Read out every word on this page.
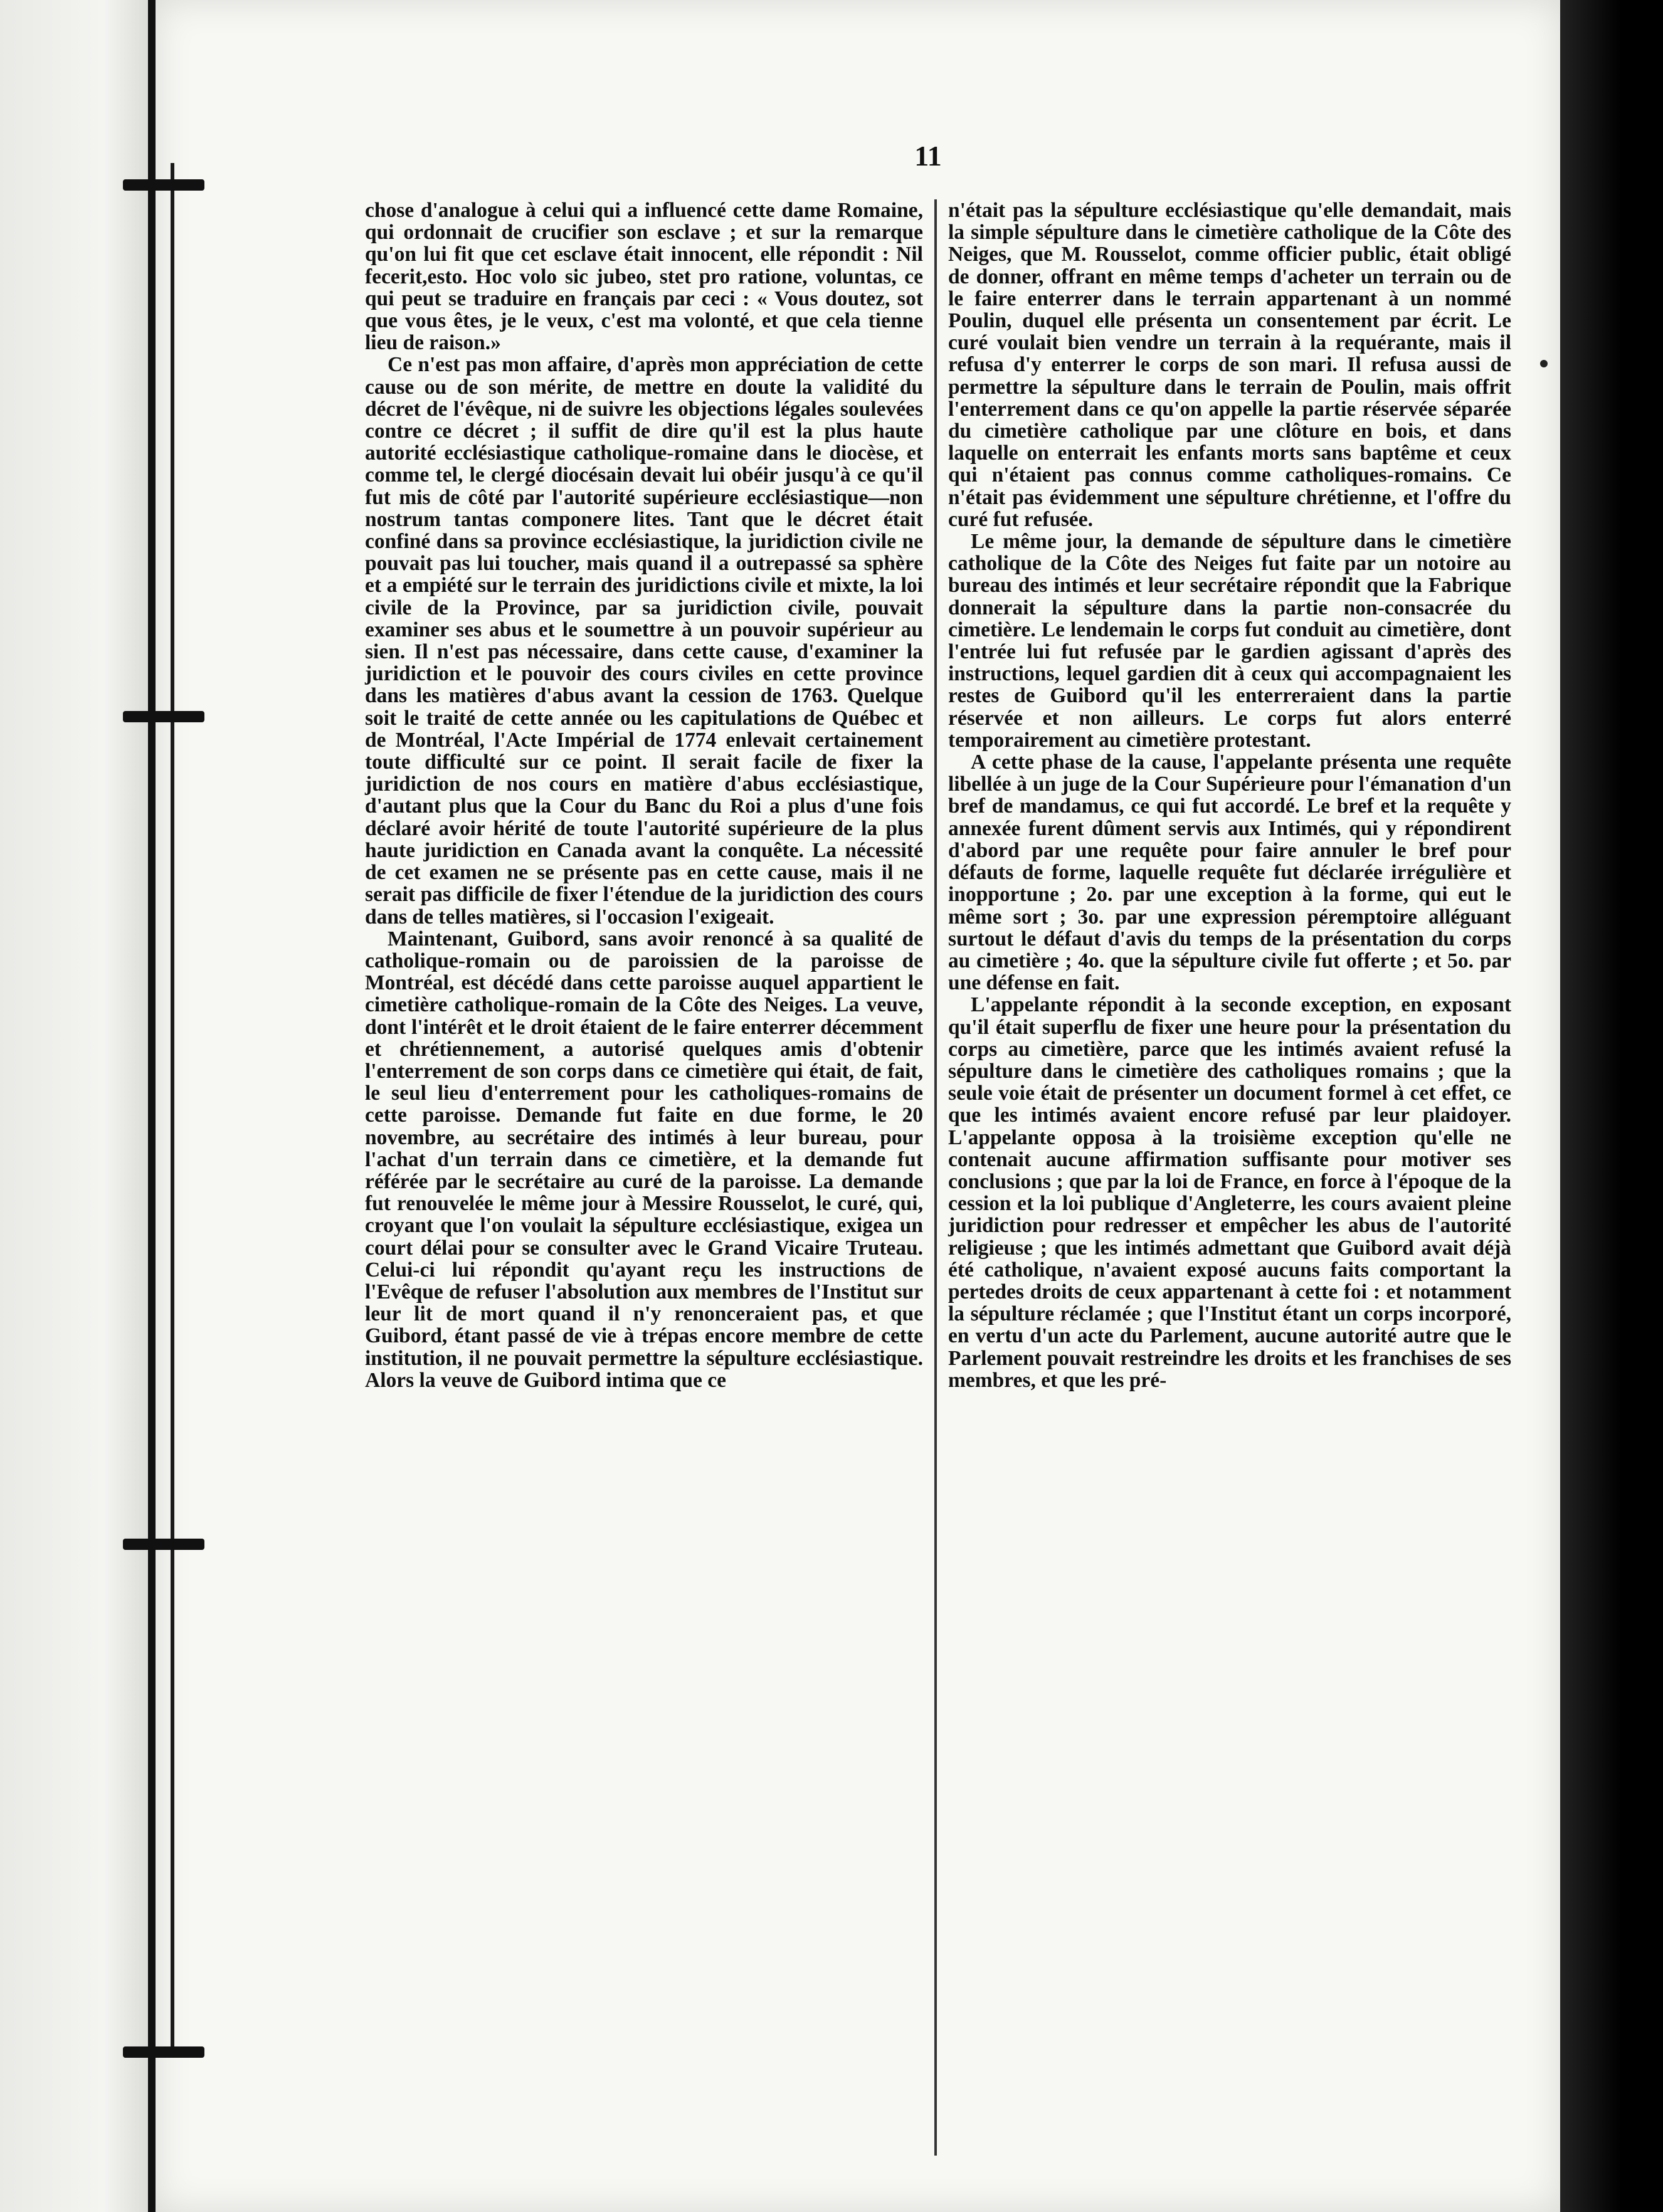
11

chose d'analogue à celui qui a influencé cette dame Romaine, qui ordonnait de crucifier son esclave ; et sur la remarque qu'on lui fit que cet esclave était innocent, elle répondit : Nil fecerit,esto. Hoc volo sic jubeo, stet pro ratione, voluntas, ce qui peut se traduire en français par ceci : « Vous doutez, sot que vous êtes, je le veux, c'est ma volonté, et que cela tienne lieu de raison.»

Ce n'est pas mon affaire, d'après mon appréciation de cette cause ou de son mérite, de mettre en doute la validité du décret de l'évêque, ni de suivre les objections légales soulevées contre ce décret ; il suffit de dire qu'il est la plus haute autorité ecclésiastique catholique-romaine dans le diocèse, et comme tel, le clergé diocésain devait lui obéir jusqu'à ce qu'il fut mis de côté par l'autorité supérieure ecclésiastique—non nostrum tantas componere lites. Tant que le décret était confiné dans sa province ecclésiastique, la juridiction civile ne pouvait pas lui toucher, mais quand il a outrepassé sa sphère et a empiété sur le terrain des juridictions civile et mixte, la loi civile de la Province, par sa juridiction civile, pouvait examiner ses abus et le soumettre à un pouvoir supérieur au sien. Il n'est pas nécessaire, dans cette cause, d'examiner la juridiction et le pouvoir des cours civiles en cette province dans les matières d'abus avant la cession de 1763. Quelque soit le traité de cette année ou les capitulations de Québec et de Montréal, l'Acte Impérial de 1774 enlevait certainement toute difficulté sur ce point. Il serait facile de fixer la juridiction de nos cours en matière d'abus ecclésiastique, d'autant plus que la Cour du Banc du Roi a plus d'une fois déclaré avoir hérité de toute l'autorité supérieure de la plus haute juridiction en Canada avant la conquête. La nécessité de cet examen ne se présente pas en cette cause, mais il ne serait pas difficile de fixer l'étendue de la juridiction des cours dans de telles matières, si l'occasion l'exigeait.

Maintenant, Guibord, sans avoir renoncé à sa qualité de catholique-romain ou de paroissien de la paroisse de Montréal, est décédé dans cette paroisse auquel appartient le cimetière catholique-romain de la Côte des Neiges. La veuve, dont l'intérêt et le droit étaient de le faire enterrer décemment et chrétiennement, a autorisé quelques amis d'obtenir l'enterrement de son corps dans ce cimetière qui était, de fait, le seul lieu d'enterrement pour les catholiques-romains de cette paroisse. Demande fut faite en due forme, le 20 novembre, au secrétaire des intimés à leur bureau, pour l'achat d'un terrain dans ce cimetière, et la demande fut référée par le secrétaire au curé de la paroisse. La demande fut renouvelée le même jour à Messire Rousselot, le curé, qui, croyant que l'on voulait la sépulture ecclésiastique, exigea un court délai pour se consulter avec le Grand Vicaire Truteau. Celui-ci lui répondit qu'ayant reçu les instructions de l'Evêque de refuser l'absolution aux membres de l'Institut sur leur lit de mort quand il n'y renonceraient pas, et que Guibord, étant passé de vie à trépas encore membre de cette institution, il ne pouvait permettre la sépulture ecclésiastique. Alors la veuve de Guibord intima que ce

n'était pas la sépulture ecclésiastique qu'elle demandait, mais la simple sépulture dans le cimetière catholique de la Côte des Neiges, que M. Rousselot, comme officier public, était obligé de donner, offrant en même temps d'acheter un terrain ou de le faire enterrer dans le terrain appartenant à un nommé Poulin, duquel elle présenta un consentement par écrit. Le curé voulait bien vendre un terrain à la requérante, mais il refusa d'y enterrer le corps de son mari. Il refusa aussi de permettre la sépulture dans le terrain de Poulin, mais offrit l'enterrement dans ce qu'on appelle la partie réservée séparée du cimetière catholique par une clôture en bois, et dans laquelle on enterrait les enfants morts sans baptême et ceux qui n'étaient pas connus comme catholiques-romains. Ce n'était pas évidemment une sépulture chrétienne, et l'offre du curé fut refusée.

Le même jour, la demande de sépulture dans le cimetière catholique de la Côte des Neiges fut faite par un notoire au bureau des intimés et leur secrétaire répondit que la Fabrique donnerait la sépulture dans la partie non-consacrée du cimetière. Le lendemain le corps fut conduit au cimetière, dont l'entrée lui fut refusée par le gardien agissant d'après des instructions, lequel gardien dit à ceux qui accompagnaient les restes de Guibord qu'il les enterreraient dans la partie réservée et non ailleurs. Le corps fut alors enterré temporairement au cimetière protestant.

A cette phase de la cause, l'appelante présenta une requête libellée à un juge de la Cour Supérieure pour l'émanation d'un bref de mandamus, ce qui fut accordé. Le bref et la requête y annexée furent dûment servis aux Intimés, qui y répondirent d'abord par une requête pour faire annuler le bref pour défauts de forme, laquelle requête fut déclarée irrégulière et inopportune ; 2o. par une exception à la forme, qui eut le même sort ; 3o. par une expression péremptoire alléguant surtout le défaut d'avis du temps de la présentation du corps au cimetière ; 4o. que la sépulture civile fut offerte ; et 5o. par une défense en fait.

L'appelante répondit à la seconde exception, en exposant qu'il était superflu de fixer une heure pour la présentation du corps au cimetière, parce que les intimés avaient refusé la sépulture dans le cimetière des catholiques romains ; que la seule voie était de présenter un document formel à cet effet, ce que les intimés avaient encore refusé par leur plaidoyer. L'appelante opposa à la troisième exception qu'elle ne contenait aucune affirmation suffisante pour motiver ses conclusions ; que par la loi de France, en force à l'époque de la cession et la loi publique d'Angleterre, les cours avaient pleine juridiction pour redresser et empêcher les abus de l'autorité religieuse ; que les intimés admettant que Guibord avait déjà été catholique, n'avaient exposé aucuns faits comportant la pertedes droits de ceux appartenant à cette foi : et notamment la sépulture réclamée ; que l'Institut étant un corps incorporé, en vertu d'un acte du Parlement, aucune autorité autre que le Parlement pouvait restreindre les droits et les franchises de ses membres, et que les pré-
